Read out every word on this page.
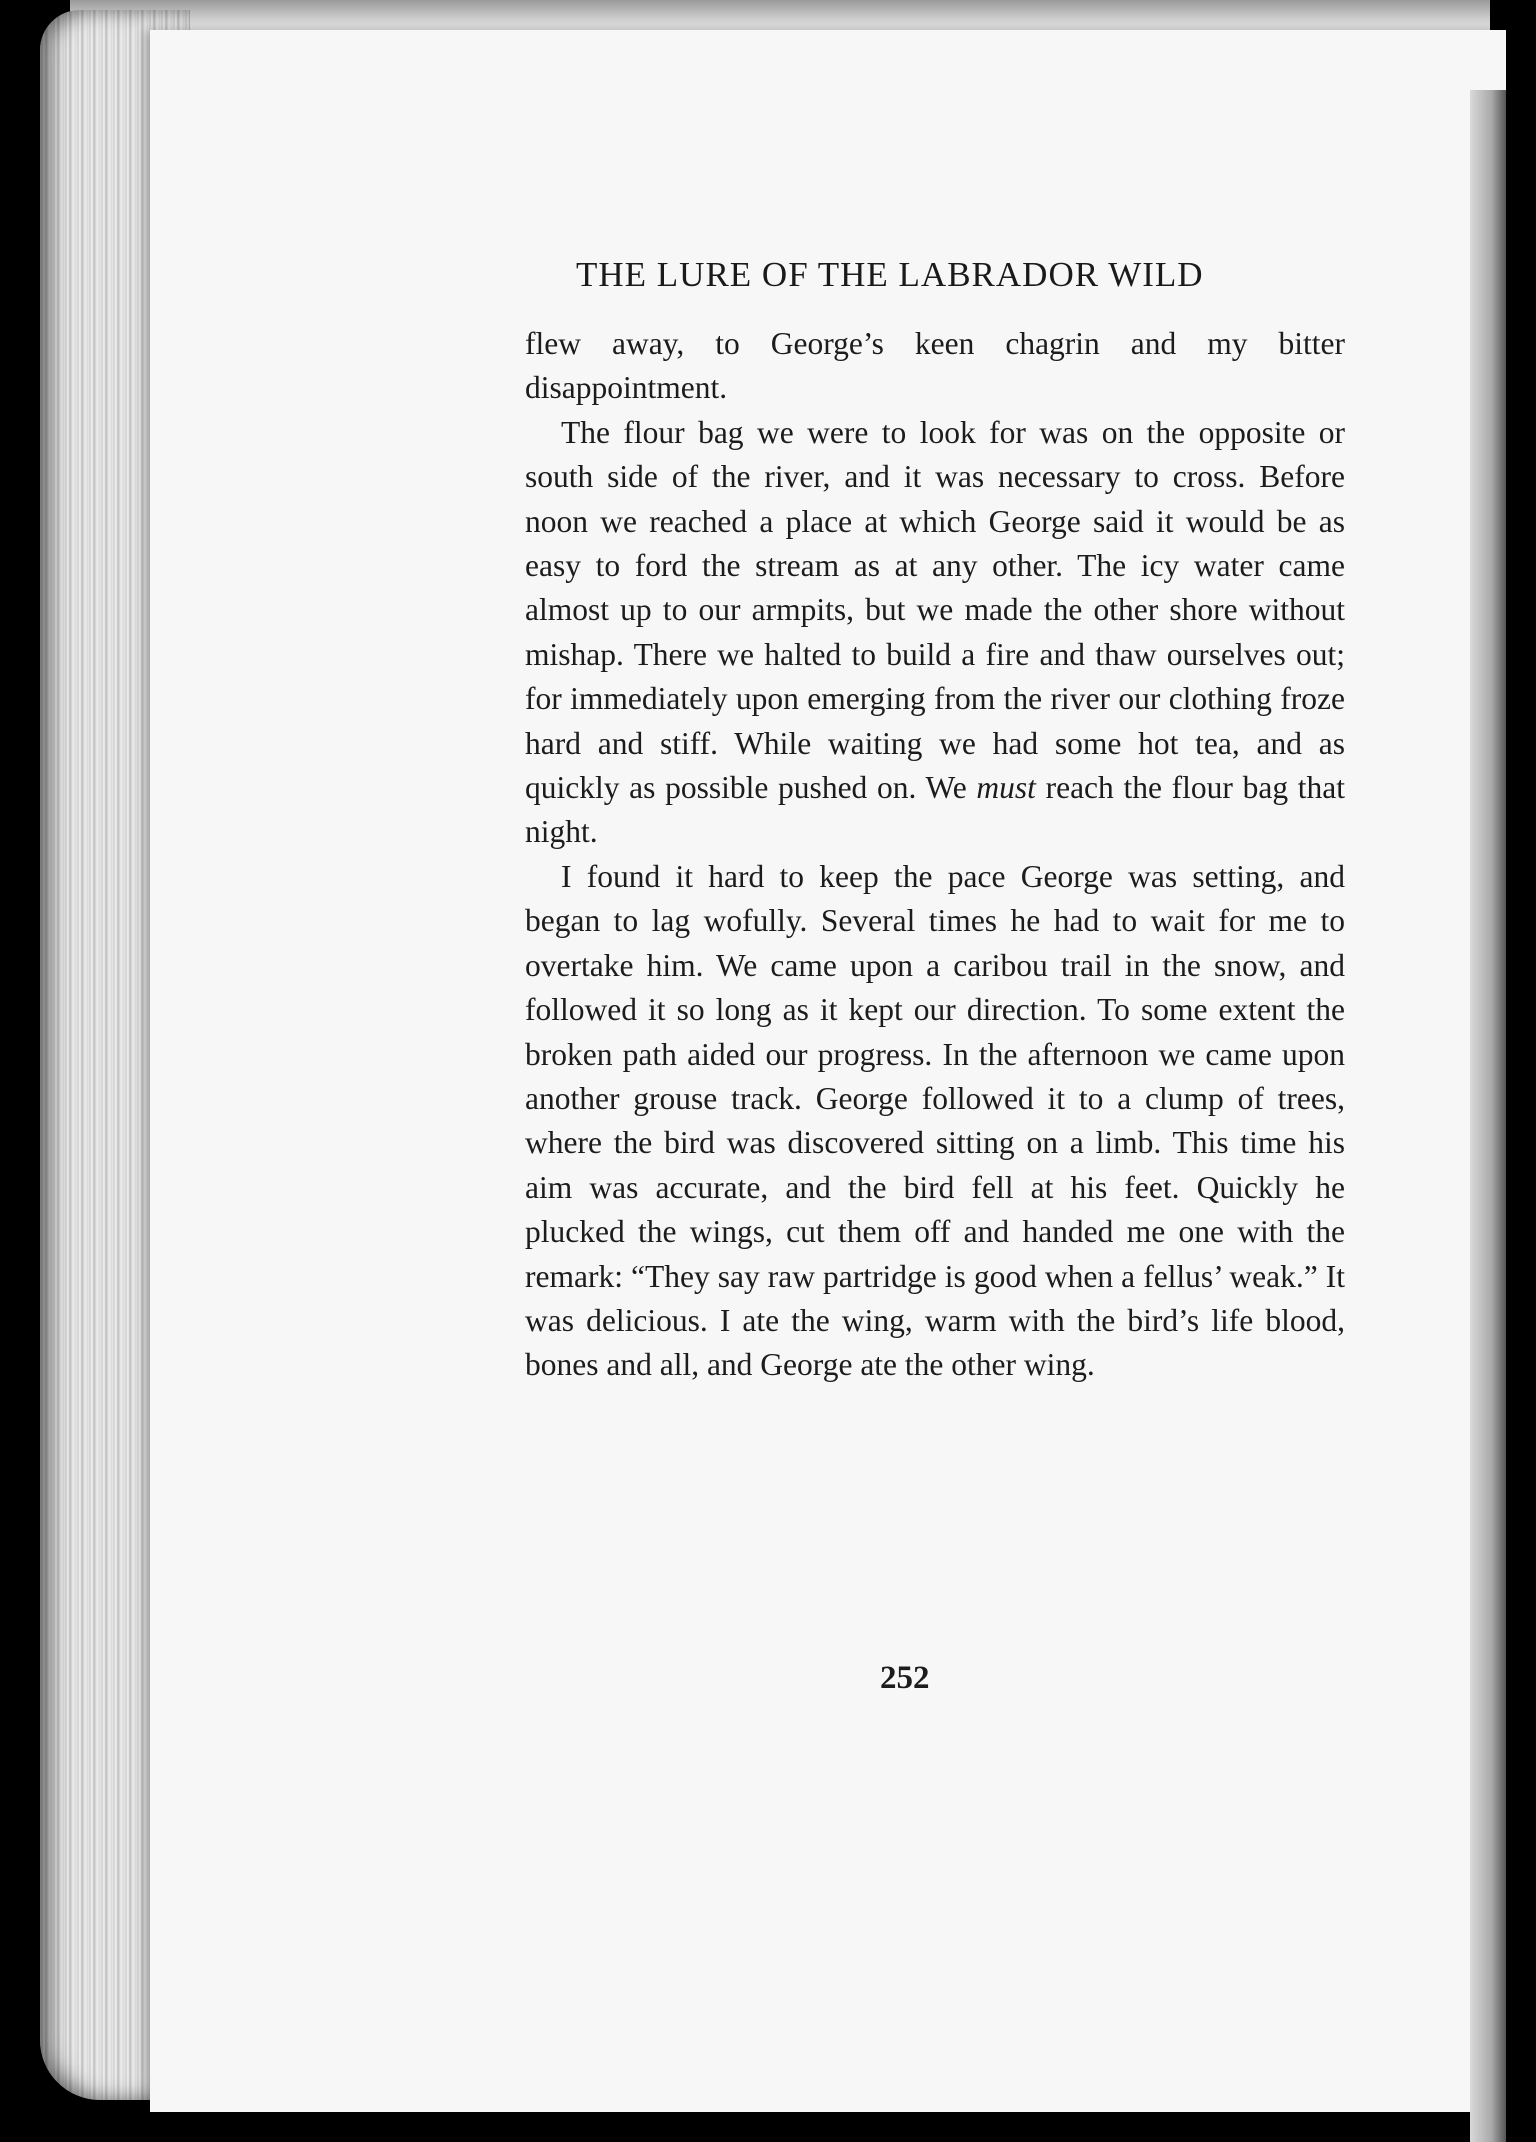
THE LURE OF THE LABRADOR WILD

flew away, to George’s keen chagrin and my bitter disappointment.

The flour bag we were to look for was on the opposite or south side of the river, and it was necessary to cross. Before noon we reached a place at which George said it would be as easy to ford the stream as at any other. The icy water came almost up to our armpits, but we made the other shore without mishap. There we halted to build a fire and thaw ourselves out; for immediately upon emerging from the river our clothing froze hard and stiff. While waiting we had some hot tea, and as quickly as possible pushed on. We must reach the flour bag that night.

I found it hard to keep the pace George was setting, and began to lag wofully. Several times he had to wait for me to overtake him. We came upon a caribou trail in the snow, and followed it so long as it kept our direction. To some extent the broken path aided our progress. In the afternoon we came upon another grouse track. George followed it to a clump of trees, where the bird was discovered sitting on a limb. This time his aim was accurate, and the bird fell at his feet. Quickly he plucked the wings, cut them off and handed me one with the remark: “They say raw partridge is good when a fellus’ weak.” It was delicious. I ate the wing, warm with the bird’s life blood, bones and all, and George ate the other wing.

252
